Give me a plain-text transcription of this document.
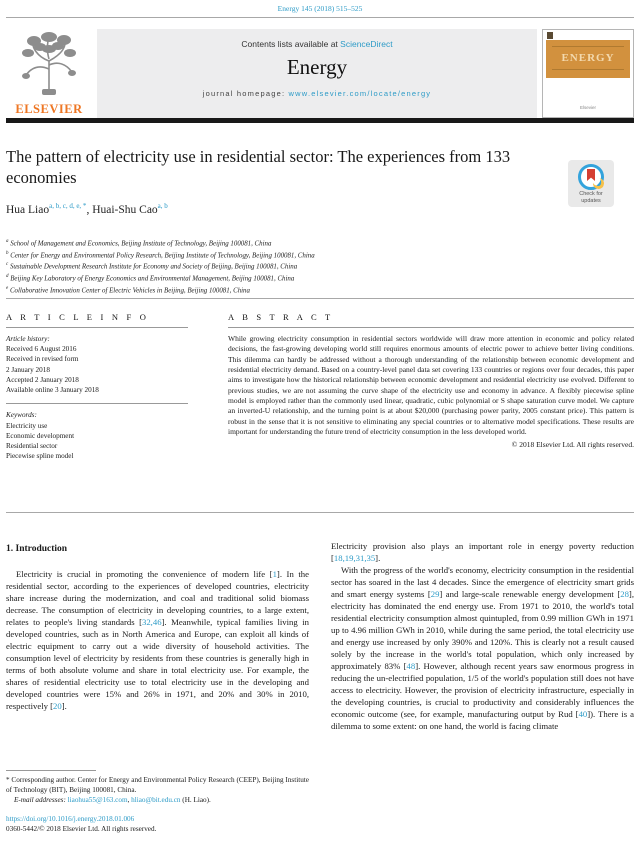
Energy 145 (2018) 515–525
ELSEVIER
Contents lists available at ScienceDirect
Energy
journal homepage: www.elsevier.com/locate/energy
ENERGY
Elsevier
The pattern of electricity use in residential sector: The experiences from 133 economies
Check for
updates
Hua Liao$^{a, b, c, d, e, *}$, Huai-Shu Cao$^{a, b}$
$^a$ School of Management and Economics, Beijing Institute of Technology, Beijing 100081, China
$^b$ Center for Energy and Environmental Policy Research, Beijing Institute of Technology, Beijing 100081, China
$^c$ Sustainable Development Research Institute for Economy and Society of Beijing, Beijing 100081, China
$^d$ Beijing Key Laboratory of Energy Economics and Environmental Management, Beijing 100081, China
$^e$ Collaborative Innovation Center of Electric Vehicles in Beijing, Beijing 100081, China
A R T I C L E I N F O
Article history:
Received 6 August 2016
Received in revised form
2 January 2018
Accepted 2 January 2018
Available online 3 January 2018
Keywords:
Electricity use
Economic development
Residential sector
Piecewise spline model
A B S T R A C T
While growing electricity consumption in residential sectors worldwide will draw more attention in economic and policy related decisions, the fast-growing developing world still requires enormous amounts of electric power to achieve better living conditions. This dilemma can hardly be addressed without a thorough understanding of the relationship between economic development and residential electricity demand. Based on a country-level panel data set covering 133 countries or regions over four decades, this paper aims to investigate how the historical relationship between economic development and residential electricity use evolved. Different to previous studies, we are not assuming the curve shape of the electricity use and economy in advance. A flexibly piecewise spline model is employed rather than the commonly used linear, quadratic, cubic polynomial or S shape saturation curve model. We capture an inverted-U relationship, and the turning point is at about $20,000 (purchasing power parity, 2005 constant price). This pattern is robust in the sense that it is not sensitive to eliminating any special countries or to alternative model specifications. These results are important for understanding the future trend of electricity consumption in the less developed world.
© 2018 Elsevier Ltd. All rights reserved.
1. Introduction

Electricity is crucial in promoting the convenience of modern life [1]. In the residential sector, according to the experiences of developed countries, electricity share increase during the modernization, and coal and traditional solid biomass decrease. The consumption of electricity in developing countries, to a large extent, relates to people's living standards [32,46]. Meanwhile, typical families living in developed countries, such as in North America and Europe, can exploit all kinds of electric equipment to carry out a wide diversity of household activities. The consumption level of electricity by residents from these countries is generally high in terms of both absolute volume and share in total electricity use. For example, the shares of residential electricity use to total electricity use in the developing and developed countries were 15% and 26% in 1971, and 20% and 30% in 2010, respectively [20].

Electricity provision also plays an important role in energy poverty reduction [18,19,31,35].

With the progress of the world's economy, electricity consumption in the residential sector has soared in the last 4 decades. Since the emergence of electricity smart grids and smart energy systems [29] and large-scale renewable energy development [28], electricity has dominated the end energy use. From 1971 to 2010, the world's total residential electricity consumption almost quintupled, from 0.99 million GWh in 1971 up to 4.96 million GWh in 2010, while during the same period, the total electricity use and energy use increased by only 390% and 120%. This is clearly not a result caused solely by the increase in the world's total population, which only increased by approximately 83% [48]. However, although recent years saw enormous progress in reducing the un-electrified population, 1/5 of the world's population still does not have access to electricity. However, the provision of electricity infrastructure, especially in the developing countries, is crucial to productivity and considerably influences the economic outcome (see, for example, manufacturing output by Rud [40]). There is a dilemma to some extent: on one hand, the world is facing climate

* Corresponding author. Center for Energy and Environmental Policy Research (CEEP), Beijing Institute of Technology (BIT), Beijing 100081, China.
E-mail addresses: liaohua55@163.com, hliao@bit.edu.cn (H. Liao).
https://doi.org/10.1016/j.energy.2018.01.006
0360-5442/© 2018 Elsevier Ltd. All rights reserved.
